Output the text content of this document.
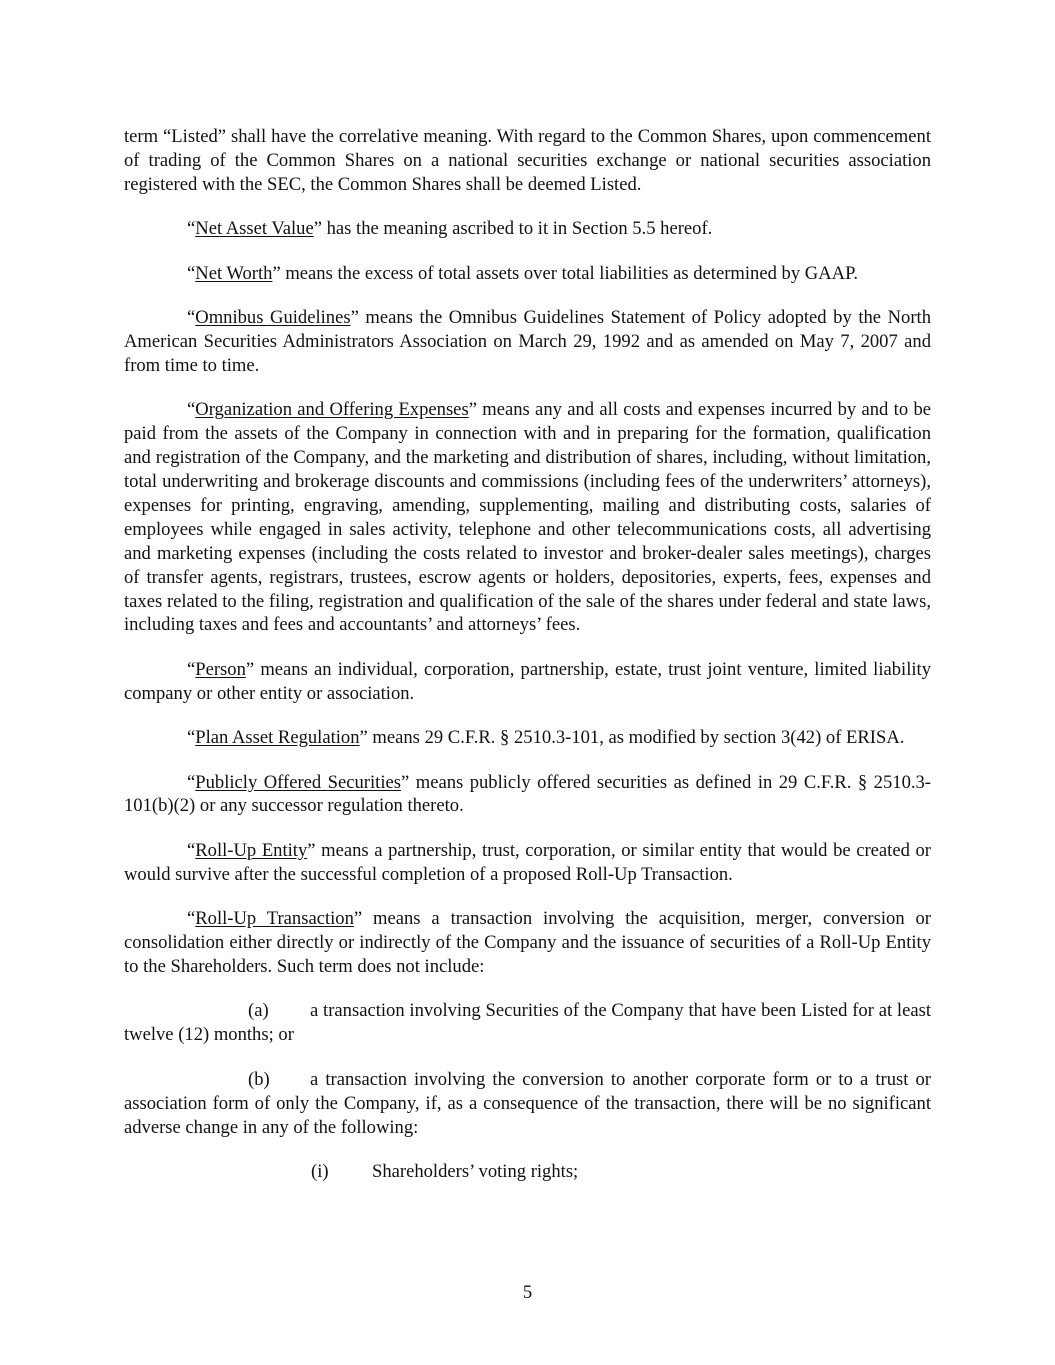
term “Listed” shall have the correlative meaning. With regard to the Common Shares, upon commencement of trading of the Common Shares on a national securities exchange or national securities association registered with the SEC, the Common Shares shall be deemed Listed.

“Net Asset Value” has the meaning ascribed to it in Section 5.5 hereof.

“Net Worth” means the excess of total assets over total liabilities as determined by GAAP.

“Omnibus Guidelines” means the Omnibus Guidelines Statement of Policy adopted by the North American Securities Administrators Association on March 29, 1992 and as amended on May 7, 2007 and from time to time.

“Organization and Offering Expenses” means any and all costs and expenses incurred by and to be paid from the assets of the Company in connection with and in preparing for the formation, qualification and registration of the Company, and the marketing and distribution of shares, including, without limitation, total underwriting and brokerage discounts and commissions (including fees of the underwriters’ attorneys), expenses for printing, engraving, amending, supplementing, mailing and distributing costs, salaries of employees while engaged in sales activity, telephone and other telecommunications costs, all advertising and marketing expenses (including the costs related to investor and broker-dealer sales meetings), charges of transfer agents, registrars, trustees, escrow agents or holders, depositories, experts, fees, expenses and taxes related to the filing, registration and qualification of the sale of the shares under federal and state laws, including taxes and fees and accountants’ and attorneys’ fees.

“Person” means an individual, corporation, partnership, estate, trust joint venture, limited liability company or other entity or association.

“Plan Asset Regulation” means 29 C.F.R. § 2510.3-101, as modified by section 3(42) of ERISA.

“Publicly Offered Securities” means publicly offered securities as defined in 29 C.F.R. § 2510.3-101(b)(2) or any successor regulation thereto.

“Roll-Up Entity” means a partnership, trust, corporation, or similar entity that would be created or would survive after the successful completion of a proposed Roll-Up Transaction.

“Roll-Up Transaction” means a transaction involving the acquisition, merger, conversion or consolidation either directly or indirectly of the Company and the issuance of securities of a Roll-Up Entity to the Shareholders. Such term does not include:

(a) a transaction involving Securities of the Company that have been Listed for at least twelve (12) months; or

(b) a transaction involving the conversion to another corporate form or to a trust or association form of only the Company, if, as a consequence of the transaction, there will be no significant adverse change in any of the following:

(i) Shareholders’ voting rights;

5
